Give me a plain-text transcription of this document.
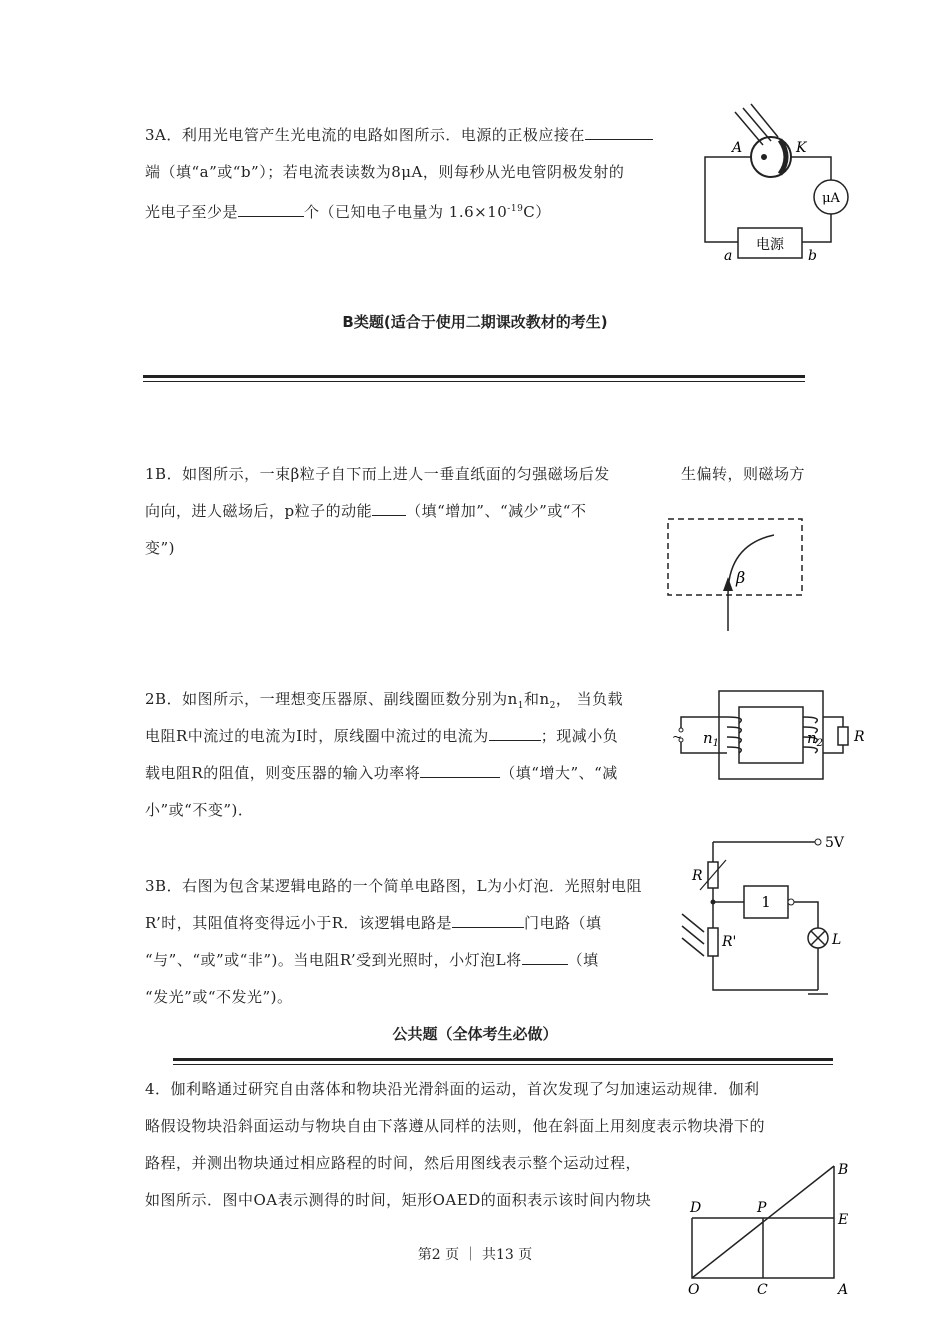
3A．利用光电管产生光电流的电路如图所示．电源的正极应接在
端（填“a”或“b”）；若电流表读数为8μA，则每秒从光电管阴极发射的
光电子至少是	个（已知电子电量为 $1.6\times 10^{-19}C$）
A	K
μA
电源
a	b
B类题(适合于使用二期课改教材的考生)
1B．如图所示，一束β粒子自下而上进人一垂直纸面的匀强磁场后发	生偏转，则磁场方
向向，进人磁场后，p粒子的动能 （填“增加”、“减少”或“不
变”)
β
2B．如图所示，一理想变压器原、副线圈匝数分别为$n_1$和$n_2$， 当负载
电阻R中流过的电流为I时，原线圈中流过的电流为	；现减小负
载电阻R的阻值，则变压器的输入功率将	（填“增大”、“减
小”或“不变”)．
~ $n_1$	$n_2$ R
3B．右图为包含某逻辑电路的一个简单电路图，L为小灯泡．光照射电阻
R’时，其阻值将变得远小于R．该逻辑电路是	门电路（填
“与”、“或”或“非”)。当电阻R’受到光照时，小灯泡L将	（填
“发光”或“不发光”)。
5V
R
1
L
R'
公共题（全体考生必做）
4．伽利略通过研究自由落体和物块沿光滑斜面的运动，首次发现了匀加速运动规律．伽利
略假设物块沿斜面运动与物块自由下落遵从同样的法则，他在斜面上用刻度表示物块滑下的
路程，并测出物块通过相应路程的时间，然后用图线表示整个运动过程，
如图所示．图中OA表示测得的时间，矩形OAED的面积表示该时间内物块
B
D	P
E
O	C	A
第2 页 ｜ 共13 页
